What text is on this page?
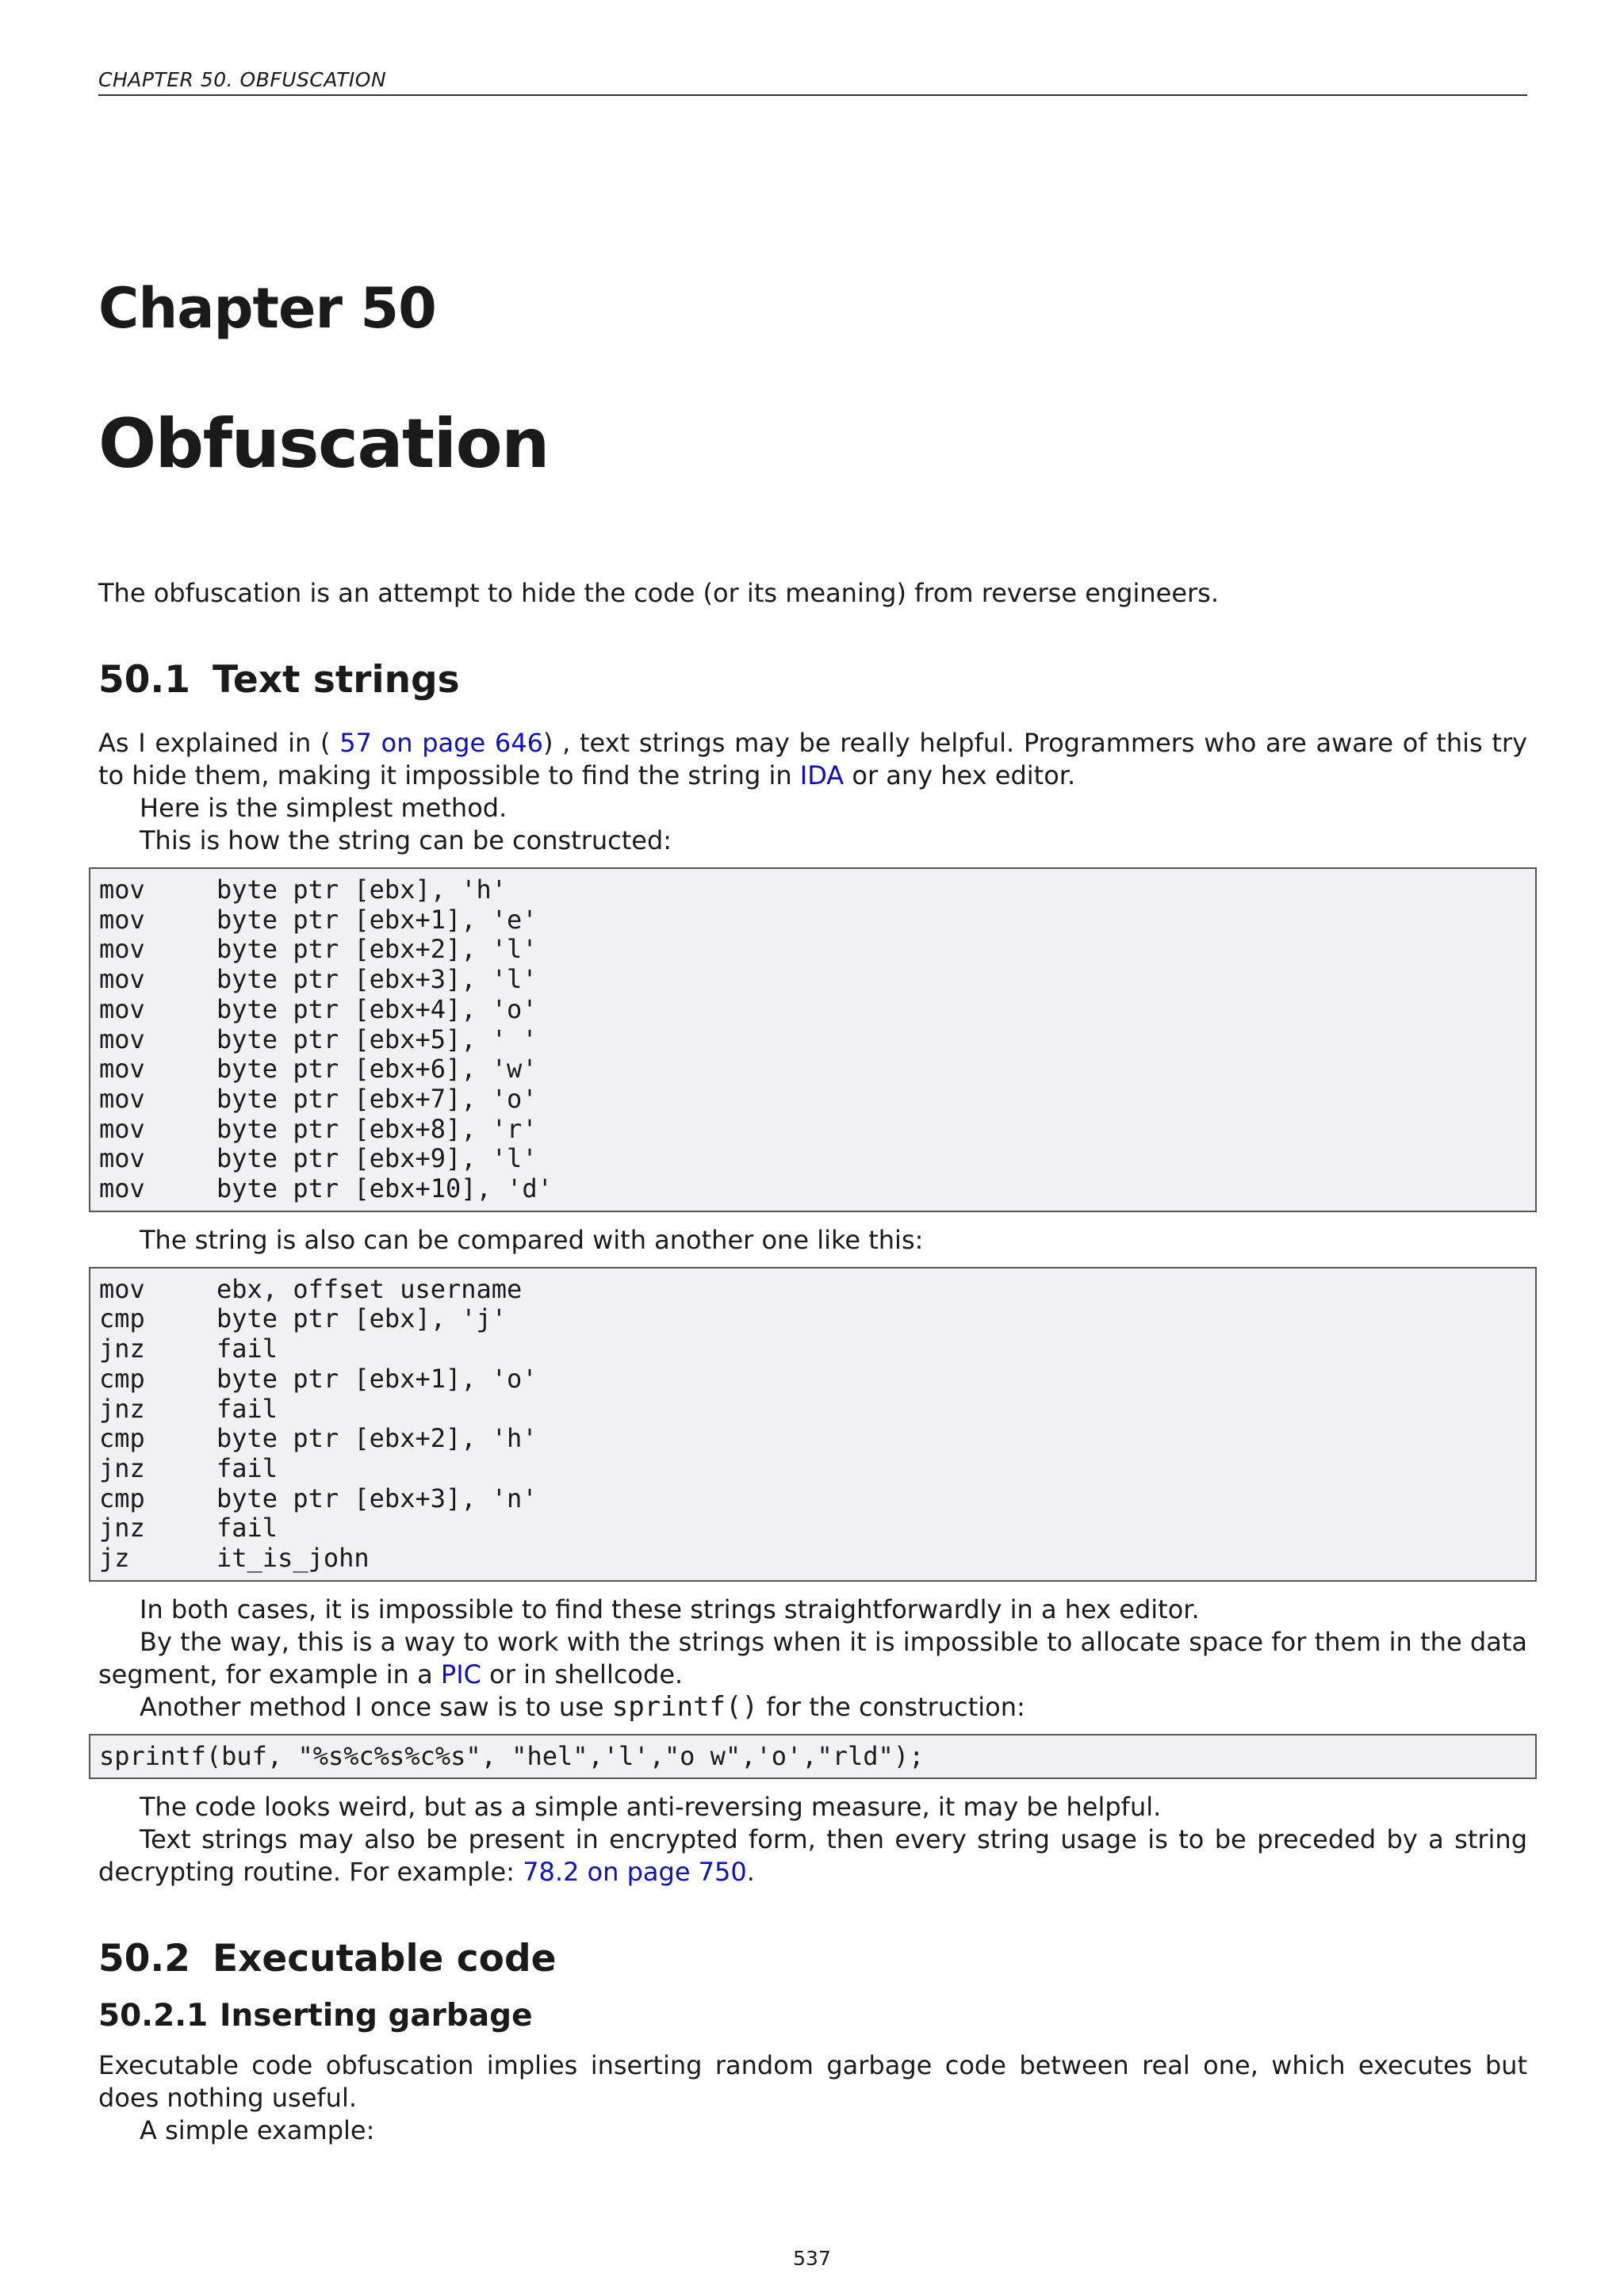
CHAPTER 50. OBFUSCATION
Chapter 50
Obfuscation

The obfuscation is an attempt to hide the code (or its meaning) from reverse engineers.

50.1 Text strings

As I explained in ( 57 on page 646) , text strings may be really helpful. Programmers who are aware of this try to hide them, making it impossible to find the string in IDA or any hex editor.

Here is the simplest method.

This is how the string can be constructed:

mov	byte ptr [ebx], 'h'
mov	byte ptr [ebx+1], 'e'
mov	byte ptr [ebx+2], 'l'
mov	byte ptr [ebx+3], 'l'
mov	byte ptr [ebx+4], 'o'
mov	byte ptr [ebx+5], ' '
mov	byte ptr [ebx+6], 'w'
mov	byte ptr [ebx+7], 'o'
mov	byte ptr [ebx+8], 'r'
mov	byte ptr [ebx+9], 'l'
mov	byte ptr [ebx+10], 'd'

The string is also can be compared with another one like this:

mov	ebx, offset username
cmp	byte ptr [ebx], 'j'
jnz	fail
cmp	byte ptr [ebx+1], 'o'
jnz	fail
cmp	byte ptr [ebx+2], 'h'
jnz	fail
cmp	byte ptr [ebx+3], 'n'
jnz	fail
jz	it_is_john

In both cases, it is impossible to find these strings straightforwardly in a hex editor.

By the way, this is a way to work with the strings when it is impossible to allocate space for them in the data segment, for example in a PIC or in shellcode.

Another method I once saw is to use sprintf() for the construction:

sprintf(buf, "%s%c%s%c%s", "hel",'l',"o w",'o',"rld");

The code looks weird, but as a simple anti-reversing measure, it may be helpful.

Text strings may also be present in encrypted form, then every string usage is to be preceded by a string decrypting routine. For example: 78.2 on page 750.

50.2 Executable code
50.2.1 Inserting garbage

Executable code obfuscation implies inserting random garbage code between real one, which executes but does nothing useful.

A simple example:

537
